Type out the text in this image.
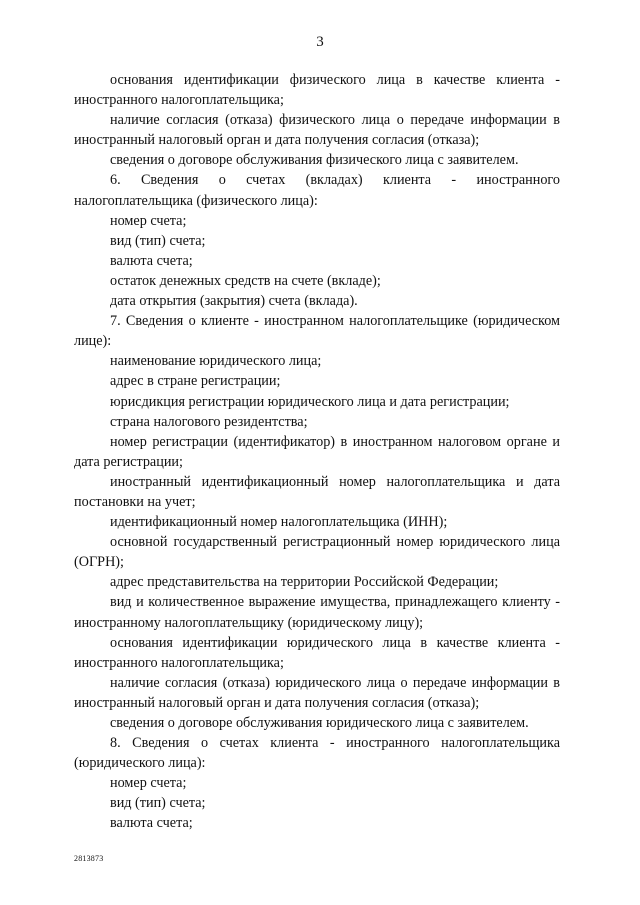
3

основания идентификации физического лица в качестве клиента - иностранного налогоплательщика;

наличие согласия (отказа) физического лица о передаче информации в иностранный налоговый орган и дата получения согласия (отказа);

сведения о договоре обслуживания физического лица с заявителем.

6. Сведения о счетах (вкладах) клиента - иностранного налогоплательщика (физического лица):

номер счета;

вид (тип) счета;

валюта счета;

остаток денежных средств на счете (вкладе);

дата открытия (закрытия) счета (вклада).

7. Сведения о клиенте - иностранном налогоплательщике (юридическом лице):

наименование юридического лица;

адрес в стране регистрации;

юрисдикция регистрации юридического лица и дата регистрации;

страна налогового резидентства;

номер регистрации (идентификатор) в иностранном налоговом органе и дата регистрации;

иностранный идентификационный номер налогоплательщика и дата постановки на учет;

идентификационный номер налогоплательщика (ИНН);

основной государственный регистрационный номер юридического лица (ОГРН);

адрес представительства на территории Российской Федерации;

вид и количественное выражение имущества, принадлежащего клиенту - иностранному налогоплательщику (юридическому лицу);

основания идентификации юридического лица в качестве клиента - иностранного налогоплательщика;

наличие согласия (отказа) юридического лица о передаче информации в иностранный налоговый орган и дата получения согласия (отказа);

сведения о договоре обслуживания юридического лица с заявителем.

8. Сведения о счетах клиента - иностранного налогоплательщика (юридического лица):

номер счета;

вид (тип) счета;

валюта счета;

2813873
